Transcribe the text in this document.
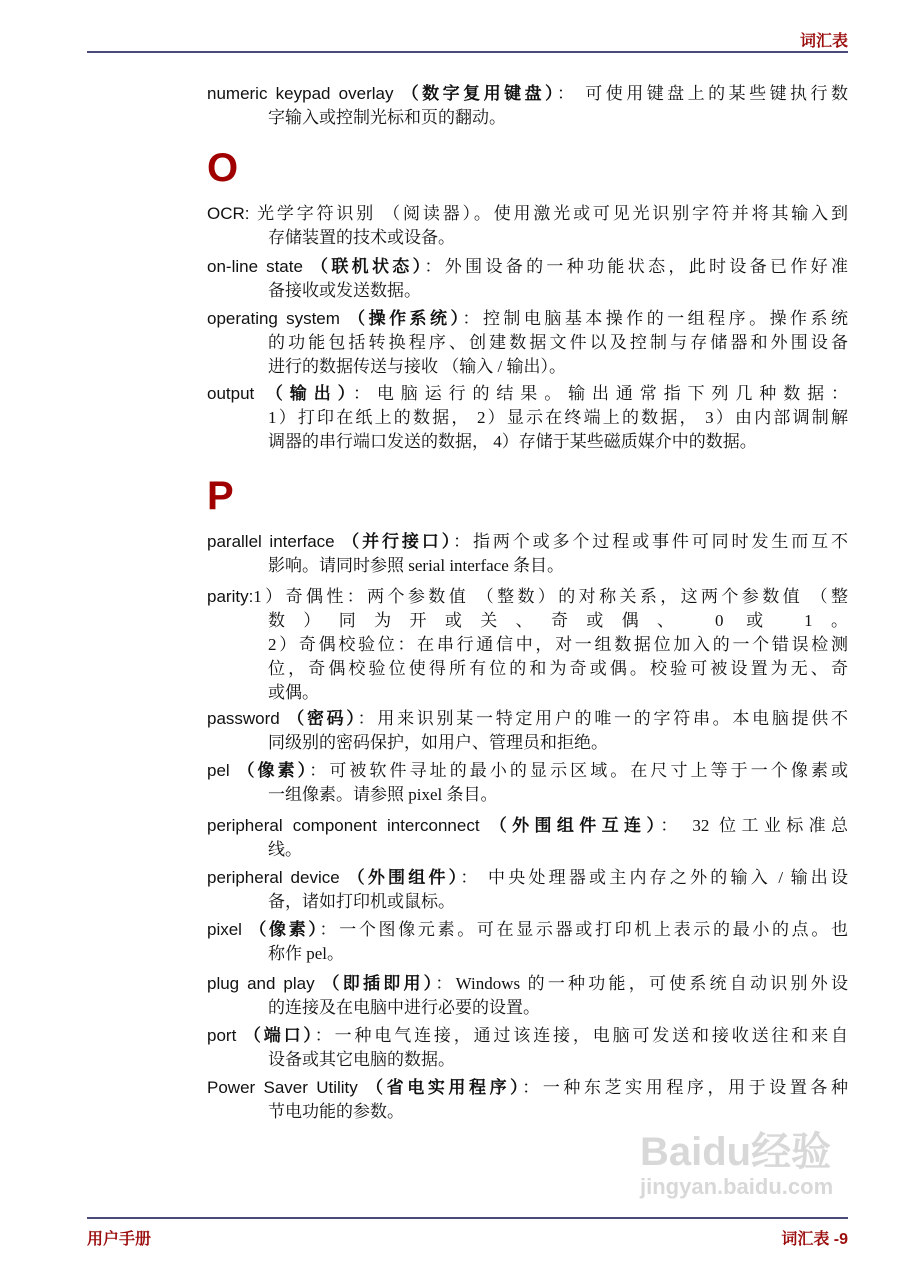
词汇表
O
P
numeric keypad overlay （数字复用键盘）： 可使用键盘上的某些键执行数
字输入或控制光标和页的翻动。
OCR: 光学字符识别 （阅读器）。使用激光或可见光识别字符并将其输入到
存储装置的技术或设备。
on-line state （联机状态）：外围设备的一种功能状态，此时设备已作好准
备接收或发送数据。
operating system （操作系统）：控制电脑基本操作的一组程序。操作系统
的功能包括转换程序、创建数据文件以及控制与存储器和外围设备
进行的数据传送与接收 （输入 / 输出）。
output （输出）：电脑运行的结果。输出通常指下列几种数据：
1）打印在纸上的数据， 2）显示在终端上的数据， 3）由内部调制解
调器的串行端口发送的数据， 4）存储于某些磁质媒介中的数据。
parallel interface （并行接口）：指两个或多个过程或事件可同时发生而互不
影响。请同时参照 serial interface 条目。
parity:1）奇偶性：两个参数值 （整数）的对称关系，这两个参数值 （整
数）同为开或关、奇或偶、 0 或 1。
2）奇偶校验位：在串行通信中，对一组数据位加入的一个错误检测
位，奇偶校验位使得所有位的和为奇或偶。校验可被设置为无、奇
或偶。
password （密码）：用来识别某一特定用户的唯一的字符串。本电脑提供不
同级别的密码保护，如用户、管理员和拒绝。
pel （像素）：可被软件寻址的最小的显示区域。在尺寸上等于一个像素或
一组像素。请参照 pixel 条目。
peripheral component interconnect （外围组件互连）： 32 位工业标准总
线。
peripheral device （外围组件）： 中央处理器或主内存之外的输入 / 输出设
备，诸如打印机或鼠标。
pixel （像素）：一个图像元素。可在显示器或打印机上表示的最小的点。也
称作 pel。
plug and play （即插即用）：Windows 的一种功能，可使系统自动识别外设
的连接及在电脑中进行必要的设置。
port （端口）：一种电气连接，通过该连接，电脑可发送和接收送往和来自
设备或其它电脑的数据。
Power Saver Utility （省电实用程序）：一种东芝实用程序，用于设置各种
节电功能的参数。
Baidu经验
jingyan.baidu.com
用户手册	词汇表 -9
